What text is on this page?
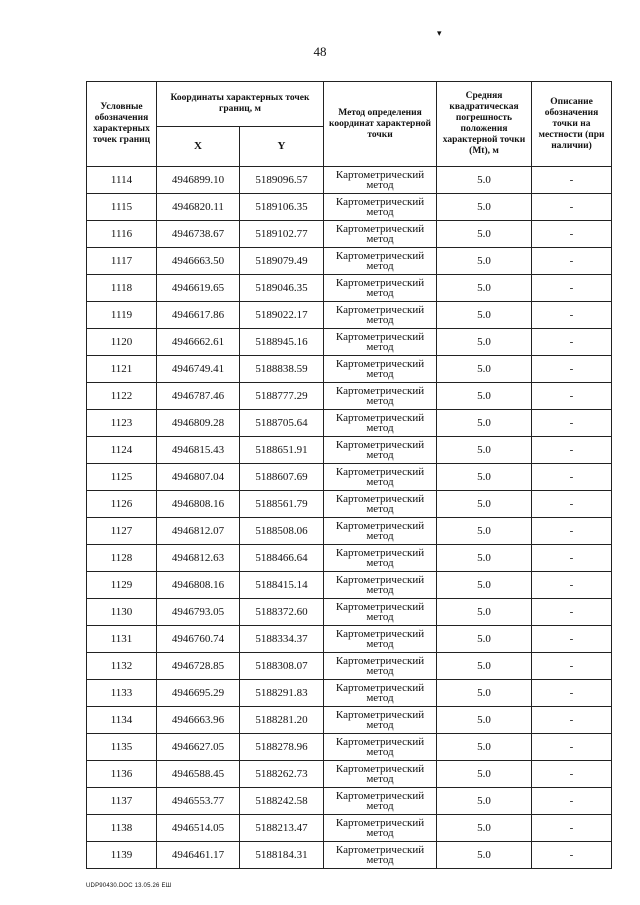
▾
48
Условные обозначения характерных точек границ	Координаты характерных точек границ, м		Метод определения координат характерной точки	Средняя квадратическая погрешность положения характерной точки (Mt), м	Описание обозначения точки на местности (при наличии)
	X	Y			
1114	4946899.10	5189096.57	Картометрический метод	5.0	-
1115	4946820.11	5189106.35	Картометрический метод	5.0	-
1116	4946738.67	5189102.77	Картометрический метод	5.0	-
1117	4946663.50	5189079.49	Картометрический метод	5.0	-
1118	4946619.65	5189046.35	Картометрический метод	5.0	-
1119	4946617.86	5189022.17	Картометрический метод	5.0	-
1120	4946662.61	5188945.16	Картометрический метод	5.0	-
1121	4946749.41	5188838.59	Картометрический метод	5.0	-
1122	4946787.46	5188777.29	Картометрический метод	5.0	-
1123	4946809.28	5188705.64	Картометрический метод	5.0	-
1124	4946815.43	5188651.91	Картометрический метод	5.0	-
1125	4946807.04	5188607.69	Картометрический метод	5.0	-
1126	4946808.16	5188561.79	Картометрический метод	5.0	-
1127	4946812.07	5188508.06	Картометрический метод	5.0	-
1128	4946812.63	5188466.64	Картометрический метод	5.0	-
1129	4946808.16	5188415.14	Картометрический метод	5.0	-
1130	4946793.05	5188372.60	Картометрический метод	5.0	-
1131	4946760.74	5188334.37	Картометрический метод	5.0	-
1132	4946728.85	5188308.07	Картометрический метод	5.0	-
1133	4946695.29	5188291.83	Картометрический метод	5.0	-
1134	4946663.96	5188281.20	Картометрический метод	5.0	-
1135	4946627.05	5188278.96	Картометрический метод	5.0	-
1136	4946588.45	5188262.73	Картометрический метод	5.0	-
1137	4946553.77	5188242.58	Картометрический метод	5.0	-
1138	4946514.05	5188213.47	Картометрический метод	5.0	-
1139	4946461.17	5188184.31	Картометрический метод	5.0	-
UDP90430.DOC 13.05.26 ЕШ
